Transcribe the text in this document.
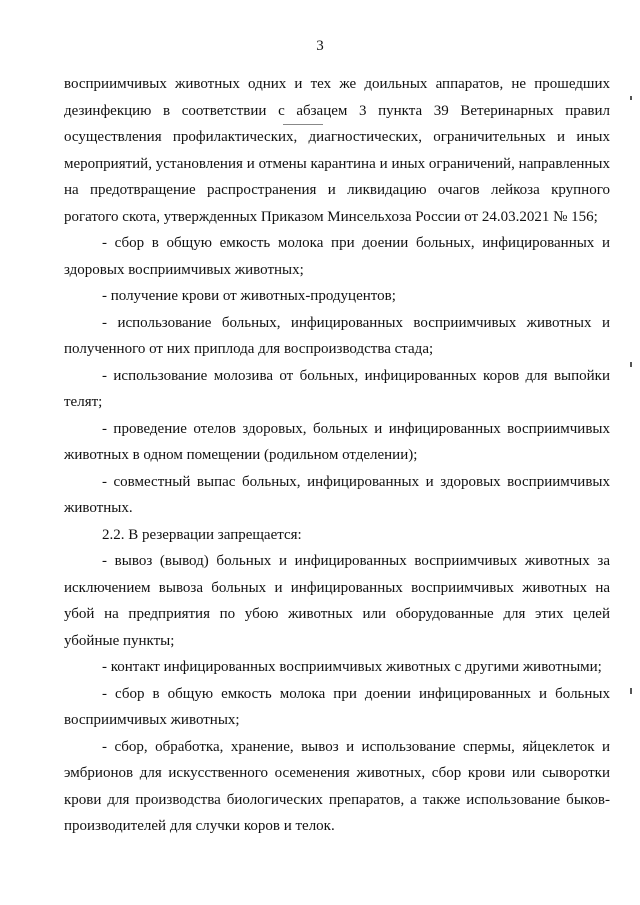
3

восприимчивых животных одних и тех же доильных аппаратов, не прошедших дезинфекцию в соответствии с абзацем 3 пункта 39 Ветеринарных правил осуществления профилактических, диагностических, ограничительных и иных мероприятий, установления и отмены карантина и иных ограничений, направленных на предотвращение распространения и ликвидацию очагов лейкоза крупного рогатого скота, утвержденных Приказом Минсельхоза России от 24.03.2021 № 156;

- сбор в общую емкость молока при доении больных, инфицированных и здоровых восприимчивых животных;

- получение крови от животных-продуцентов;

- использование больных, инфицированных восприимчивых животных и полученного от них приплода для воспроизводства стада;

- использование молозива от больных, инфицированных коров для выпойки телят;

- проведение отелов здоровых, больных и инфицированных восприимчивых животных в одном помещении (родильном отделении);

- совместный выпас больных, инфицированных и здоровых восприимчивых животных.

2.2. В резервации запрещается:

- вывоз (вывод) больных и инфицированных восприимчивых животных за исключением вывоза больных и инфицированных восприимчивых животных на убой на предприятия по убою животных или оборудованные для этих целей убойные пункты;

- контакт инфицированных восприимчивых животных с другими животными;

- сбор в общую емкость молока при доении инфицированных и больных восприимчивых животных;

- сбор, обработка, хранение, вывоз и использование спермы, яйцеклеток и эмбрионов для искусственного осеменения животных, сбор крови или сыворотки крови для производства биологических препаратов, а также использование быков-производителей для случки коров и телок.
